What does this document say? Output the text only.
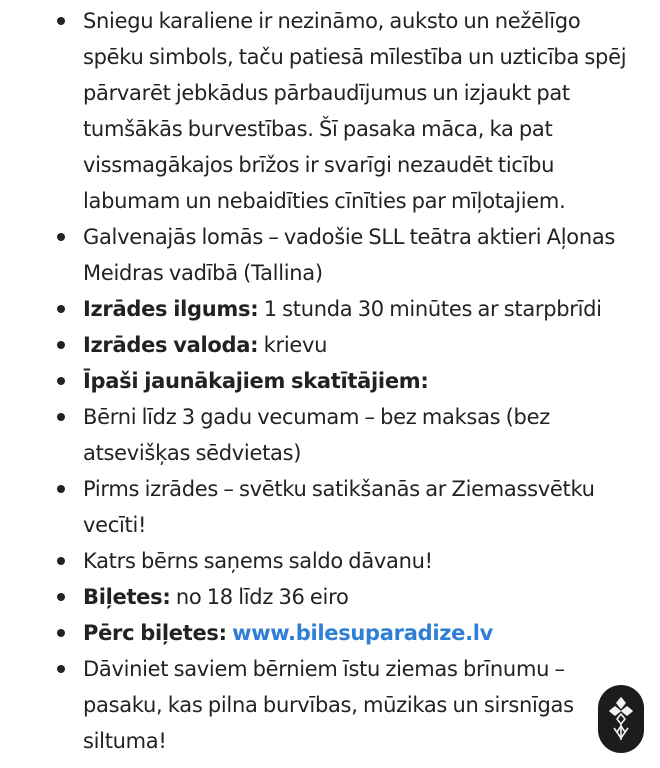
Sniegu karaliene ir nezināmo, auksto un nežēlīgo spēku simbols, taču patiesā mīlestība un uzticība spēj pārvarēt jebkādus pārbaudījumus un izjaukt pat tumšākās burvestības. Šī pasaka māca, ka pat vissmagākajos brīžos ir svarīgi nezaudēt ticību labumam un nebaidīties cīnīties par mīļotajiem.
Galvenajās lomās – vadošie SLL teātra aktieri Aļonas Meidras vadībā (Tallina)
Izrādes ilgums: 1 stunda 30 minūtes ar starpbrīdi
Izrādes valoda: krievu
Īpaši jaunākajiem skatītājiem:
Bērni līdz 3 gadu vecumam – bez maksas (bez atsevišķas sēdvietas)
Pirms izrādes – svētku satikšanās ar Ziemassvētku vecīti!
Katrs bērns saņems saldo dāvanu!
Biļetes: no 18 līdz 36 eiro
Pērc biļetes: www.bilesuparadize.lv
Dāviniet saviem bērniem īstu ziemas brīnumu – pasaku, kas pilna burvības, mūzikas un sirsnīgas siltuma!
